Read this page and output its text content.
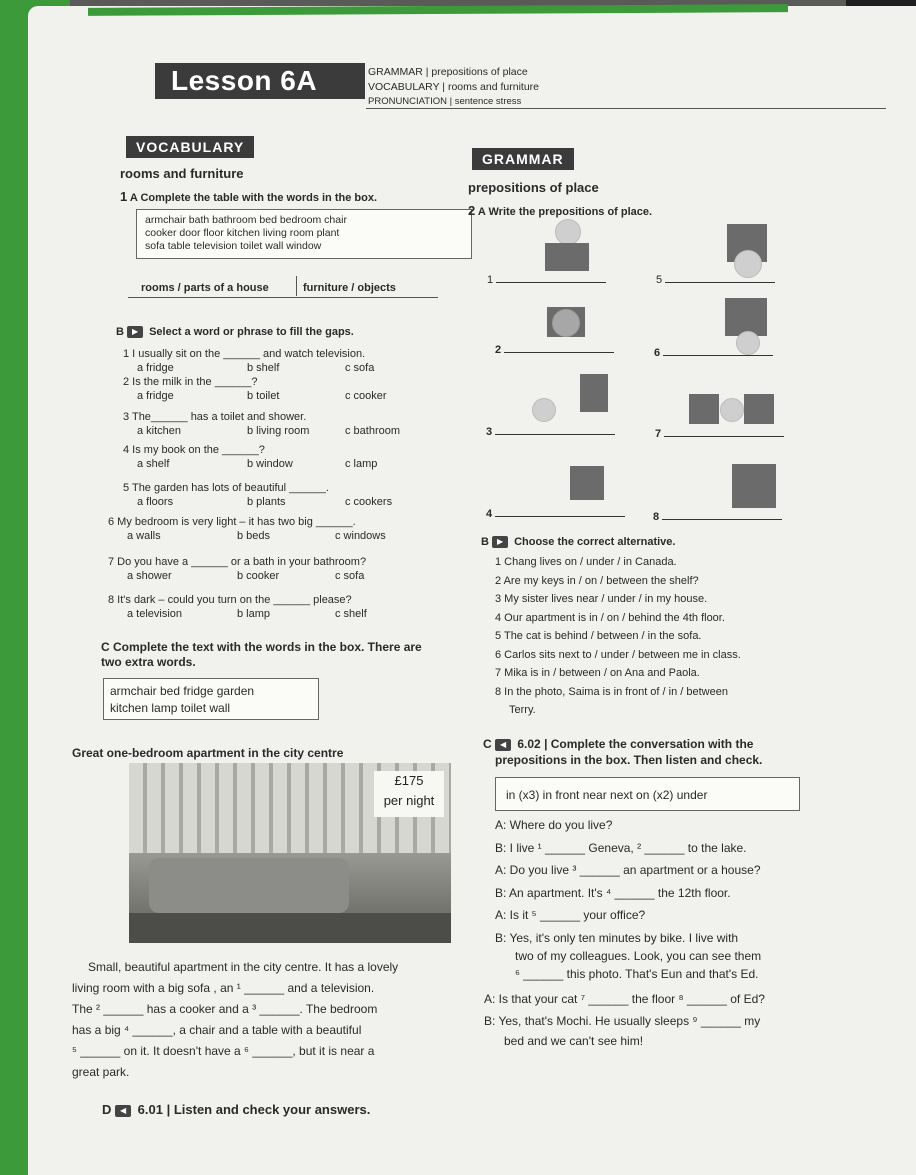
Lesson 6A	GRAMMAR | prepositions of place
VOCABULARY | rooms and furniture
PRONUNCIATION | sentence stress
VOCABULARY
rooms and furniture
1 A Complete the table with the words in the box.
armchair bath bathroom bed bedroom chair
cooker door floor kitchen living room plant
sofa table television toilet wall window
rooms / parts of a house	furniture / objects
B ▶ Select a word or phrase to fill the gaps.
1 I usually sit on the ______ and watch television.
a fridge	b shelf	c sofa
2 Is the milk in the ______?
a fridge	b toilet	c cooker
3 The______ has a toilet and shower.
a kitchen	b living room	c bathroom
4 Is my book on the ______?
a shelf	b window	c lamp
5 The garden has lots of beautiful ______.
a floors	b plants	c cookers
6 My bedroom is very light – it has two big ______.
a walls	b beds	c windows
7 Do you have a ______ or a bath in your bathroom?
a shower	b cooker	c sofa
8 It's dark – could you turn on the ______ please?
a television	b lamp	c shelf
C Complete the text with the words in the box. There are
two extra words.
armchair bed fridge garden
kitchen lamp toilet wall
Great one-bedroom apartment in the city centre
£175
per night
Small, beautiful apartment in the city centre. It has a lovely
living room with a big sofa , an ¹ ______ and a television.
The ² ______ has a cooker and a ³ ______. The bedroom
has a big ⁴ ______, a chair and a table with a beautiful
⁵ ______ on it. It doesn't have a ⁶ ______, but it is near a
great park.
D ◀ 6.01 | Listen and check your answers.
GRAMMAR
prepositions of place
2 A Write the prepositions of place.
1	5
2	6
3	7
4	8
B ▶ Choose the correct alternative.
1 Chang lives on / under / in Canada.
2 Are my keys in / on / between the shelf?
3 My sister lives near / under / in my house.
4 Our apartment is in / on / behind the 4th floor.
5 The cat is behind / between / in the sofa.
6 Carlos sits next to / under / between me in class.
7 Mika is in / between / on Ana and Paola.
8 In the photo, Saima is in front of / in / between
Terry.
C ◀ 6.02 | Complete the conversation with the
prepositions in the box. Then listen and check.
in (x3) in front near next on (x2) under
A: Where do you live?
B: I live ¹ ______ Geneva, ² ______ to the lake.
A: Do you live ³ ______ an apartment or a house?
B: An apartment. It's ⁴ ______ the 12th floor.
A: Is it ⁵ ______ your office?
B: Yes, it's only ten minutes by bike. I live with
two of my colleagues. Look, you can see them
⁶ ______ this photo. That's Eun and that's Ed.
A: Is that your cat ⁷ ______ the floor ⁸ ______ of Ed?
B: Yes, that's Mochi. He usually sleeps ⁹ ______ my
bed and we can't see him!
